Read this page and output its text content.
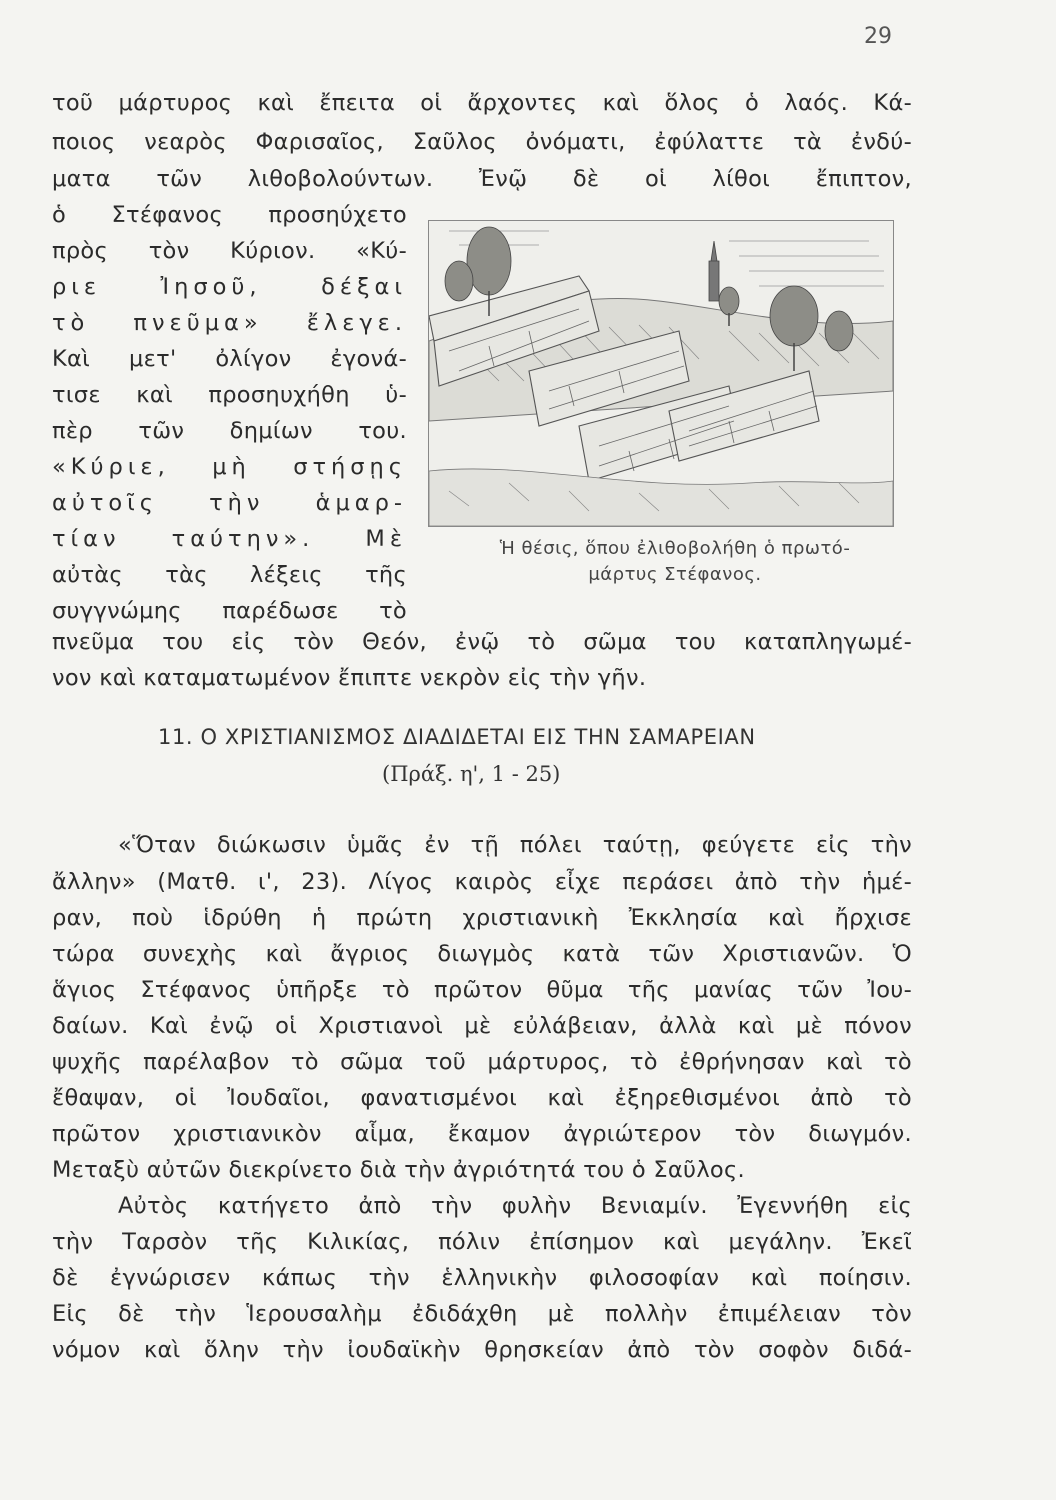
29
τοῦ μάρτυρος καὶ ἔπειτα οἱ ἄρχοντες καὶ ὅλος ὁ λαός. Κά-
ποιος νεαρὸς Φαρισαῖος, Σαῦλος ὀνόματι, ἐφύλαττε τὰ ἐνδύ-
ματα τῶν λιθοβολούντων. Ἐνῷ δὲ οἱ λίθοι ἔπιπτον,
ὁ Στέφανος προσηύχετο
πρὸς τὸν Κύριον. «Κύ-
ριε Ἰησοῦ, δέξαι
τὸ πνεῦμα» ἔλεγε.
Καὶ μετ' ὀλίγον ἐγονά-
τισε καὶ προσηυχήθη ὑ-
πὲρ τῶν δημίων του.
«Κύριε, μὴ στήσῃς
αὐτοῖς τὴν ἁμαρ-
τίαν ταύτην». Μὲ
αὐτὰς τὰς λέξεις τῆς
συγγνώμης παρέδωσε τὸ
Ἡ θέσις, ὅπου ἐλιθοβολήθη ὁ πρωτό-
μάρτυς Στέφανος.
πνεῦμα του εἰς τὸν Θεόν, ἐνῷ τὸ σῶμα του καταπληγωμέ-
νον καὶ καταματωμένον ἔπιπτε νεκρὸν εἰς τὴν γῆν.
11. Ο ΧΡΙΣΤΙΑΝΙΣΜΟΣ ΔΙΑΔΙΔΕΤΑΙ ΕΙΣ ΤΗΝ ΣΑΜΑΡΕΙΑΝ
(Πράξ. η', 1 - 25)
«Ὅταν διώκωσιν ὑμᾶς ἐν τῇ πόλει ταύτῃ, φεύγετε εἰς τὴν
ἄλλην» (Ματθ. ι', 23). Λίγος καιρὸς εἶχε περάσει ἀπὸ τὴν ἡμέ-
ραν, ποὺ ἱδρύθη ἡ πρώτη χριστιανικὴ Ἐκκλησία καὶ ἤρχισε
τώρα συνεχὴς καὶ ἄγριος διωγμὸς κατὰ τῶν Χριστιανῶν. Ὁ
ἅγιος Στέφανος ὑπῆρξε τὸ πρῶτον θῦμα τῆς μανίας τῶν Ἰου-
δαίων. Καὶ ἐνῷ οἱ Χριστιανοὶ μὲ εὐλάβειαν, ἀλλὰ καὶ μὲ πόνον
ψυχῆς παρέλαβον τὸ σῶμα τοῦ μάρτυρος, τὸ ἐθρήνησαν καὶ τὸ
ἔθαψαν, οἱ Ἰουδαῖοι, φανατισμένοι καὶ ἐξηρεθισμένοι ἀπὸ τὸ
πρῶτον χριστιανικὸν αἷμα, ἔκαμον ἀγριώτερον τὸν διωγμόν.
Μεταξὺ αὐτῶν διεκρίνετο διὰ τὴν ἀγριότητά του ὁ Σαῦλος.
Αὐτὸς κατήγετο ἀπὸ τὴν φυλὴν Βενιαμίν. Ἐγεννήθη εἰς
τὴν Ταρσὸν τῆς Κιλικίας, πόλιν ἐπίσημον καὶ μεγάλην. Ἐκεῖ
δὲ ἐγνώρισεν κάπως τὴν ἑλληνικὴν φιλοσοφίαν καὶ ποίησιν.
Εἰς δὲ τὴν Ἱερουσαλὴμ ἐδιδάχθη μὲ πολλὴν ἐπιμέλειαν τὸν
νόμον καὶ ὅλην τὴν ἰουδαϊκὴν θρησκείαν ἀπὸ τὸν σοφὸν διδά-
